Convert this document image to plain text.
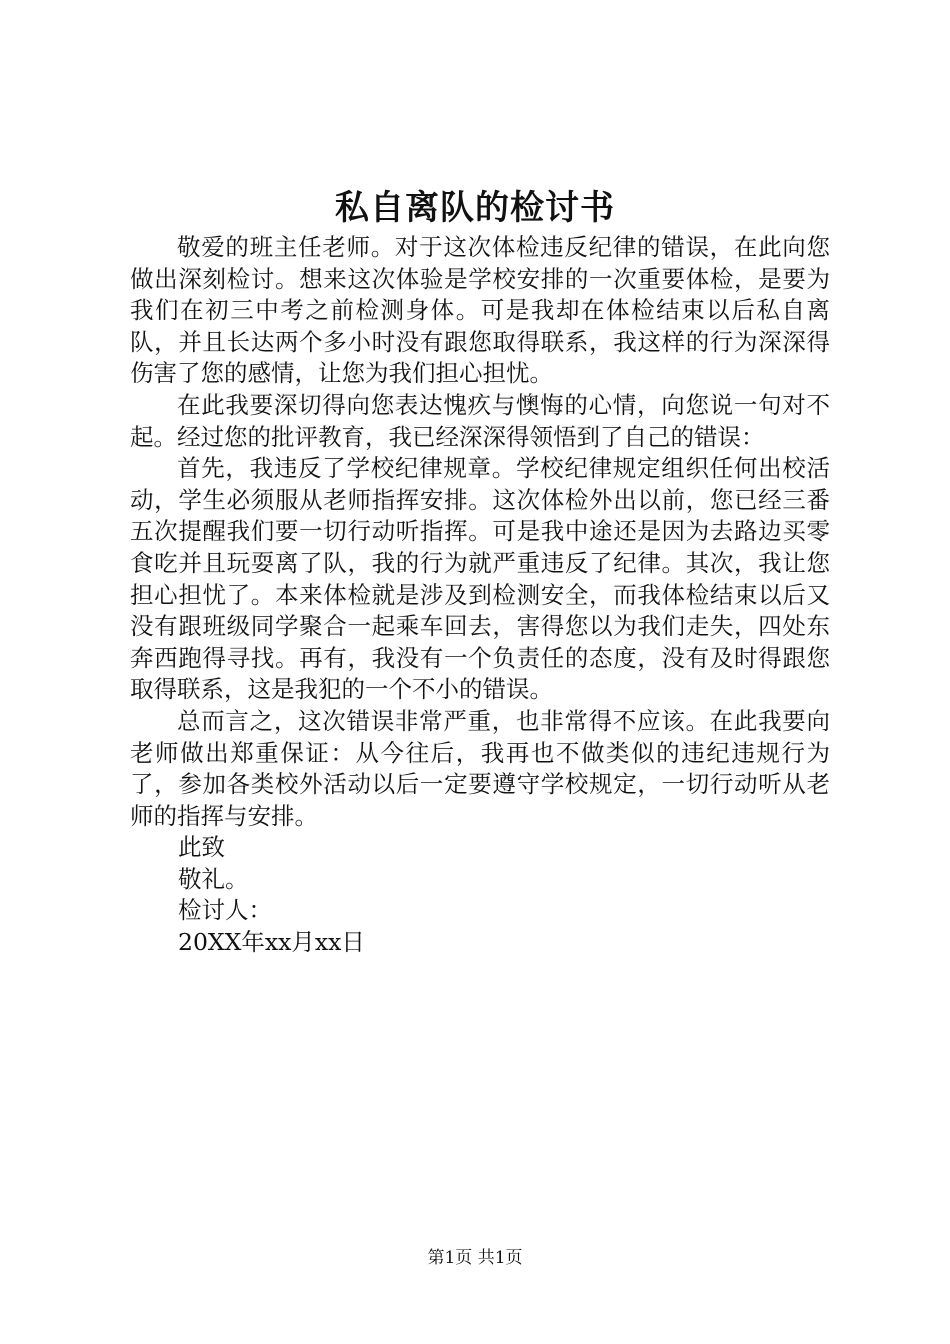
私自离队的检讨书

敬爱的班主任老师。对于这次体检违反纪律的错误，在此向您做出深刻检讨。想来这次体验是学校安排的一次重要体检，是要为我们在初三中考之前检测身体。可是我却在体检结束以后私自离队，并且长达两个多小时没有跟您取得联系，我这样的行为深深得伤害了您的感情，让您为我们担心担忧。

在此我要深切得向您表达愧疚与懊悔的心情，向您说一句对不起。经过您的批评教育，我已经深深得领悟到了自己的错误：

首先，我违反了学校纪律规章。学校纪律规定组织任何出校活动，学生必须服从老师指挥安排。这次体检外出以前，您已经三番五次提醒我们要一切行动听指挥。可是我中途还是因为去路边买零食吃并且玩耍离了队，我的行为就严重违反了纪律。其次，我让您担心担忧了。本来体检就是涉及到检测安全，而我体检结束以后又没有跟班级同学聚合一起乘车回去，害得您以为我们走失，四处东奔西跑得寻找。再有，我没有一个负责任的态度，没有及时得跟您取得联系，这是我犯的一个不小的错误。

总而言之，这次错误非常严重，也非常得不应该。在此我要向老师做出郑重保证：从今往后，我再也不做类似的违纪违规行为了，参加各类校外活动以后一定要遵守学校规定，一切行动听从老师的指挥与安排。

此致

敬礼。

检讨人：

20XX年xx月xx日

第1页 共1页
